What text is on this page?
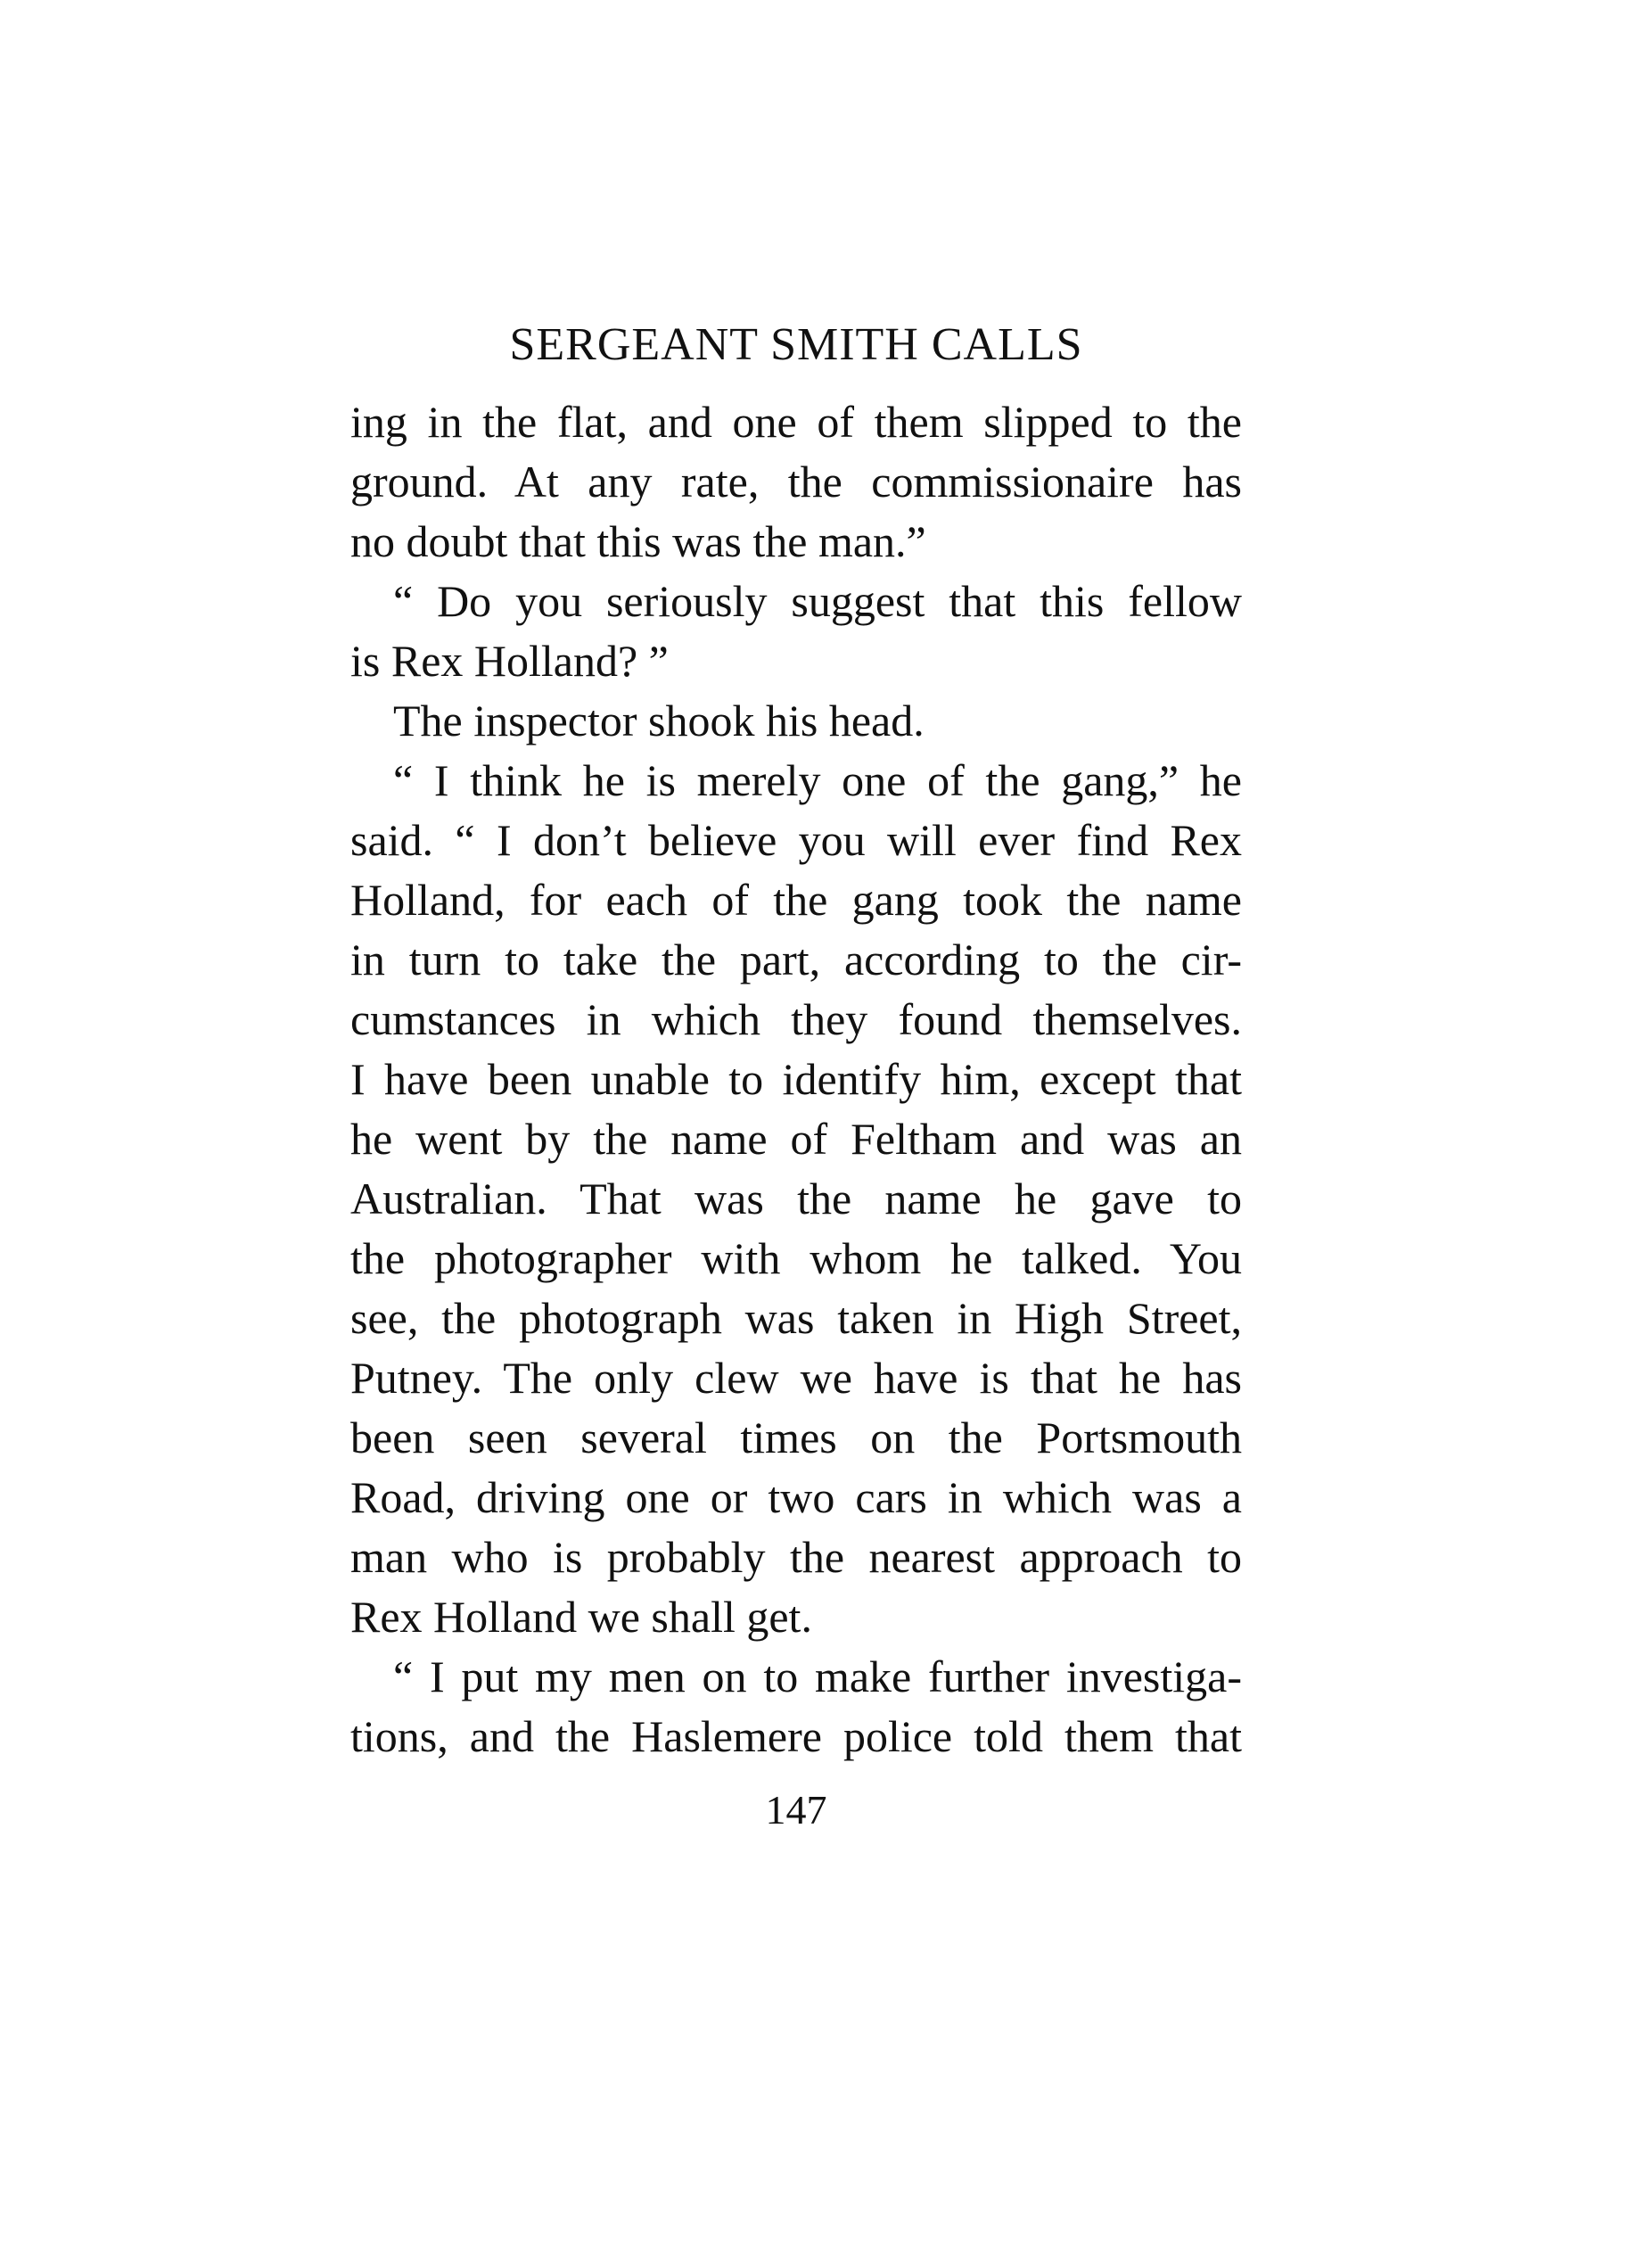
SERGEANT SMITH CALLS

ing in the flat, and one of them slipped to the

ground. At any rate, the commissionaire has

no doubt that this was the man.”

“ Do you seriously suggest that this fellow

is Rex Holland? ”

The inspector shook his head.

“ I think he is merely one of the gang,” he

said. “ I don’t believe you will ever find Rex

Holland, for each of the gang took the name

in turn to take the part, according to the cir-

cumstances in which they found themselves.

I have been unable to identify him, except that

he went by the name of Feltham and was an

Australian. That was the name he gave to

the photographer with whom he talked. You

see, the photograph was taken in High Street,

Putney. The only clew we have is that he has

been seen several times on the Portsmouth

Road, driving one or two cars in which was a

man who is probably the nearest approach to

Rex Holland we shall get.

“ I put my men on to make further investiga-

tions, and the Haslemere police told them that

147
